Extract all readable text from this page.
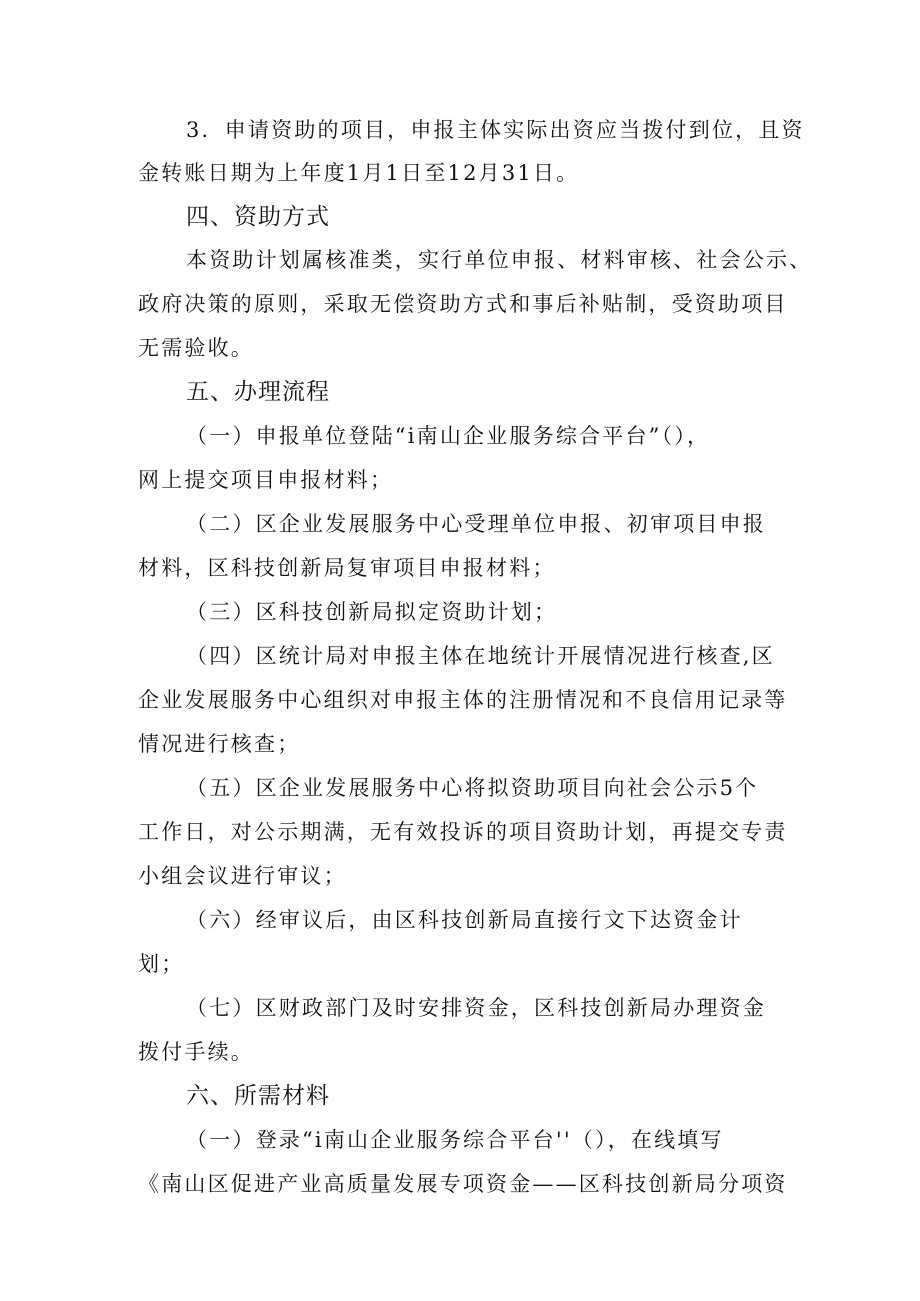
3．申请资助的项目，申报主体实际出资应当拨付到位，且资
金转账日期为上年度1月1日至12月31日。
四、资助方式
本资助计划属核准类，实行单位申报、材料审核、社会公示、
政府决策的原则，采取无偿资助方式和事后补贴制，受资助项目
无需验收。
五、办理流程
（一）申报单位登陆“i南山企业服务综合平台”（），
网上提交项目申报材料；
（二）区企业发展服务中心受理单位申报、初审项目申报
材料，区科技创新局复审项目申报材料；
（三）区科技创新局拟定资助计划；
（四）区统计局对申报主体在地统计开展情况进行核查,区
企业发展服务中心组织对申报主体的注册情况和不良信用记录等
情况进行核查；
（五）区企业发展服务中心将拟资助项目向社会公示5个
工作日，对公示期满，无有效投诉的项目资助计划，再提交专责
小组会议进行审议；
（六）经审议后，由区科技创新局直接行文下达资金计
划；
（七）区财政部门及时安排资金，区科技创新局办理资金
拨付手续。
六、所需材料
（一）登录“i南山企业服务综合平台''（），在线填写
《南山区促进产业高质量发展专项资金——区科技创新局分项资
